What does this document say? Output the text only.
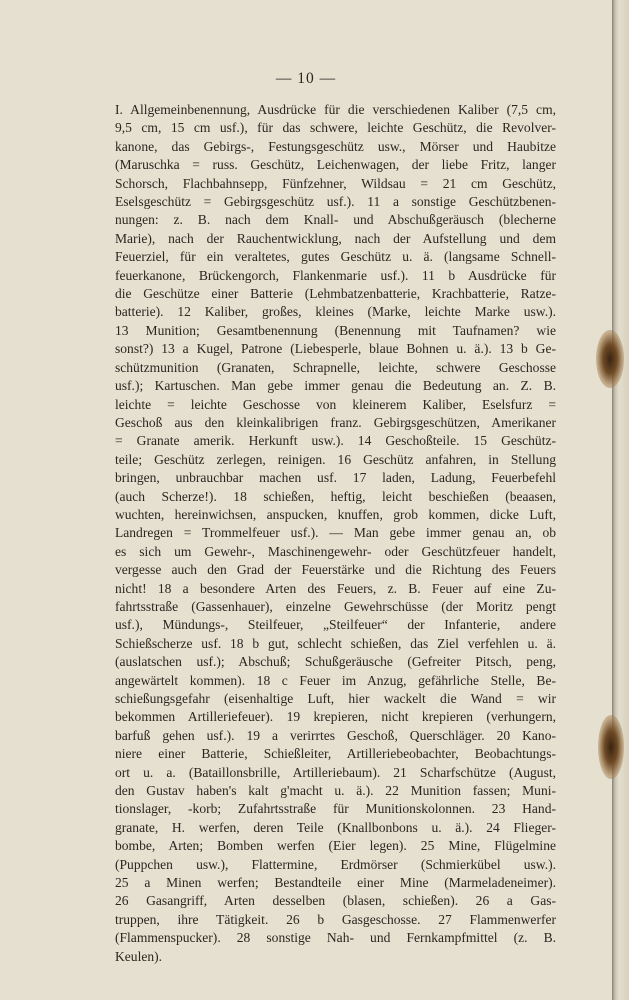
— 10 —
I. Allgemeinbenennung, Ausdrücke für die verschiedenen Kaliber (7,5 cm,
9,5 cm, 15 cm usf.), für das schwere, leichte Geschütz, die Revolver-
kanone, das Gebirgs-, Festungsgeschütz usw., Mörser und Haubitze
(Maruschka = russ. Geschütz, Leichenwagen, der liebe Fritz, langer
Schorsch, Flachbahnsepp, Fünfzehner, Wildsau = 21 cm Geschütz,
Eselsgeschütz = Gebirgsgeschütz usf.). 11 a sonstige Geschützbenen-
nungen: z. B. nach dem Knall- und Abschußgeräusch (blecherne
Marie), nach der Rauchentwicklung, nach der Aufstellung und dem
Feuerziel, für ein veraltetes, gutes Geschütz u. ä. (langsame Schnell-
feuerkanone, Brückengorch, Flankenmarie usf.). 11 b Ausdrücke für
die Geschütze einer Batterie (Lehmbatzenbatterie, Krachbatterie, Ratze-
batterie). 12 Kaliber, großes, kleines (Marke, leichte Marke usw.).
13 Munition; Gesamtbenennung (Benennung mit Taufnamen? wie
sonst?) 13 a Kugel, Patrone (Liebesperle, blaue Bohnen u. ä.). 13 b Ge-
schützmunition (Granaten, Schrapnelle, leichte, schwere Geschosse
usf.); Kartuschen. Man gebe immer genau die Bedeutung an. Z. B.
leichte = leichte Geschosse von kleinerem Kaliber, Eselsfurz =
Geschoß aus den kleinkalibrigen franz. Gebirgsgeschützen, Amerikaner
= Granate amerik. Herkunft usw.). 14 Geschoßteile. 15 Geschütz-
teile; Geschütz zerlegen, reinigen. 16 Geschütz anfahren, in Stellung
bringen, unbrauchbar machen usf. 17 laden, Ladung, Feuerbefehl
(auch Scherze!). 18 schießen, heftig, leicht beschießen (beaasen,
wuchten, hereinwichsen, anspucken, knuffen, grob kommen, dicke Luft,
Landregen = Trommelfeuer usf.). — Man gebe immer genau an, ob
es sich um Gewehr-, Maschinengewehr- oder Geschützfeuer handelt,
vergesse auch den Grad der Feuerstärke und die Richtung des Feuers
nicht! 18 a besondere Arten des Feuers, z. B. Feuer auf eine Zu-
fahrtsstraße (Gassenhauer), einzelne Gewehrschüsse (der Moritz pengt
usf.), Mündungs-, Steilfeuer, „Steilfeuer“ der Infanterie, andere
Schießscherze usf. 18 b gut, schlecht schießen, das Ziel verfehlen u. ä.
(auslatschen usf.); Abschuß; Schußgeräusche (Gefreiter Pitsch, peng,
angewärtelt kommen). 18 c Feuer im Anzug, gefährliche Stelle, Be-
schießungsgefahr (eisenhaltige Luft, hier wackelt die Wand = wir
bekommen Artilleriefeuer). 19 krepieren, nicht krepieren (verhungern,
barfuß gehen usf.). 19 a verirrtes Geschoß, Querschläger. 20 Kano-
niere einer Batterie, Schießleiter, Artilleriebeobachter, Beobachtungs-
ort u. a. (Bataillonsbrille, Artilleriebaum). 21 Scharfschütze (August,
den Gustav haben's kalt g'macht u. ä.). 22 Munition fassen; Muni-
tionslager, -korb; Zufahrtsstraße für Munitionskolonnen. 23 Hand-
granate, H. werfen, deren Teile (Knallbonbons u. ä.). 24 Flieger-
bombe, Arten; Bomben werfen (Eier legen). 25 Mine, Flügelmine
(Puppchen usw.), Flattermine, Erdmörser (Schmierkübel usw.).
25 a Minen werfen; Bestandteile einer Mine (Marmeladeneimer).
26 Gasangriff, Arten desselben (blasen, schießen). 26 a Gas-
truppen, ihre Tätigkeit. 26 b Gasgeschosse. 27 Flammenwerfer
(Flammenspucker). 28 sonstige Nah- und Fernkampfmittel (z. B.
Keulen).
